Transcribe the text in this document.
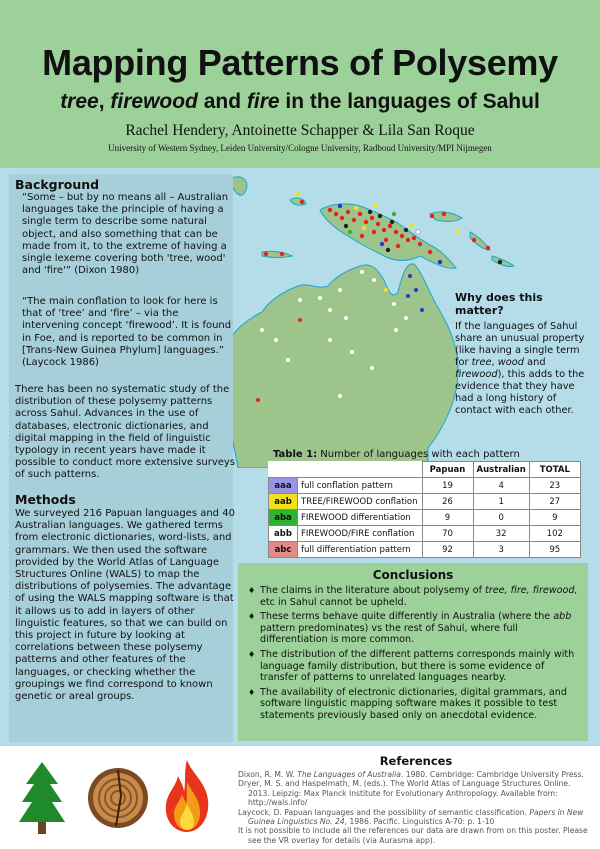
Mapping Patterns of Polysemy
tree, firewood and fire in the languages of Sahul
Rachel Hendery, Antoinette Schapper & Lila San Roque
University of Western Sydney, Leiden University/Cologne University, Radboud University/MPI Nijmegen
Background
“Some – but by no means all – Australian languages take the principle of having a single term to describe some natural object, and also something that can be made from it, to the extreme of having a single lexeme covering both 'tree, wood' and 'fire'” (Dixon 1980)
“The main conflation to look for here is that of ‘tree’ and ‘fire’ – via the intervening concept ‘firewood’. It is found in Foe, and is reported to be common in [Trans-New Guinea Phylum] languages.” (Laycock 1986)
There has been no systematic study of the distribution of these polysemy patterns across Sahul. Advances in the use of databases, electronic dictionaries, and digital mapping in the field of linguistic typology in recent years have made it possible to conduct more extensive surveys of such patterns.
Methods
We surveyed 216 Papuan languages and 40 Australian languages. We gathered terms from electronic dictionaries, word-lists, and grammars. We then used the software provided by the World Atlas of Language Structures Online (WALS) to map the distributions of polysemies. The advantage of using the WALS mapping software is that it allows us to add in layers of other linguistic features, so that we can build on this project in future by looking at correlations between these polysemy patterns and other features of the languages, or checking whether the groupings we find correspond to known genetic or areal groups.
Why does this matter?
If the languages of Sahul share an unusual property (like having a single term for tree, wood and firewood), this adds to the evidence that they have had a long history of contact with each other.
Table 1: Number of languages with each pattern
		Papuan	Australian	TOTAL
aaa	full conflation pattern	19	4	23
aab	TREE/FIREWOOD conflation	26	1	27
aba	FIREWOOD differentiation	9	0	9
abb	FIREWOOD/FIRE conflation	70	32	102
abc	full differentiation pattern	92	3	95
Conclusions
♦ The claims in the literature about polysemy of tree, fire, firewood, etc in Sahul cannot be upheld.
♦ These terms behave quite differently in Australia (where the abb pattern predominates) vs the rest of Sahul, where full differentiation is more common.
♦ The distribution of the different patterns corresponds mainly with language family distribution, but there is some evidence of transfer of patterns to unrelated languages nearby.
♦ The availability of electronic dictionaries, digital grammars, and software linguistic mapping software makes it possible to test statements previously based only on anecdotal evidence.
References

Dixon, R. M. W. The Languages of Australia. 1980. Cambridge: Cambridge University Press.

Dryer, M. S. and Haspelmath, M. (eds.). The World Atlas of Language Structures Online. 2013. Leipzig: Max Planck Institute for Evolutionary Anthropology. Available from: http://wals.info/

Laycock, D. Papuan languages and the possibility of semantic classification. Papers in New Guinea Linguistics No. 24, 1986. Pacific. Linguistics A-70: p. 1-10

It is not possible to include all the references our data are drawn from on this poster. Please see the VR overlay for details (via Aurasma app).
